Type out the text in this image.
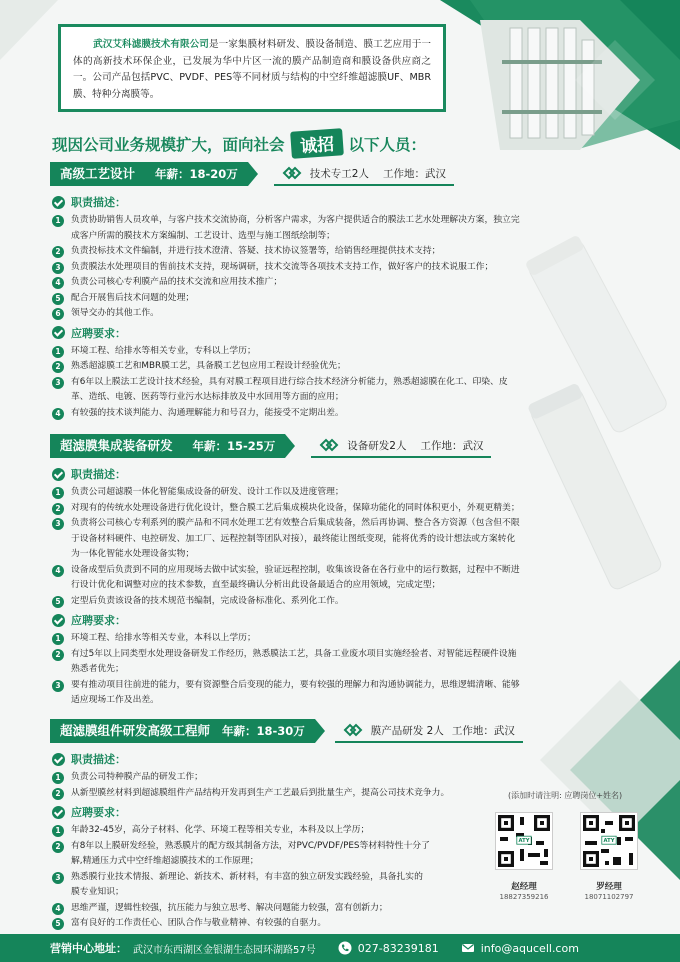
武汉艾科滤膜技术有限公司是一家集膜材料研发、膜设备制造、膜工艺应用于一体的高新技术环保企业，已发展为华中片区一流的膜产品制造商和膜设备供应商之一。公司产品包括PVC、PVDF、PES等不同材质与结构的中空纤维超滤膜UF、MBR膜、特种分离膜等。
现因公司业务规模扩大，面向社会 诚招 以下人员：
高级工艺设计 年薪：18-20万	技术专工2人 工作地：武汉
职责描述：
1	负责协助销售人员攻单，与客户技术交流协商，分析客户需求，为客户提供适合的膜法工艺水处理解决方案，独立完成客户所需的膜技术方案编制、工艺设计、选型与施工图纸绘制等；
2	负责投标技术文件编制，并进行技术澄清、答疑、技术协议签署等，给销售经理提供技术支持；
3	负责膜法水处理项目的售前技术支持，现场调研，技术交流等各项技术支持工作，做好客户的技术说服工作；
4	负责公司核心专利膜产品的技术交流和应用技术推广；
5	配合开展售后技术问题的处理；
6	领导交办的其他工作。
应聘要求：
1	环境工程、给排水等相关专业，专科以上学历；
2	熟悉超滤膜工艺和MBR膜工艺，具备膜工艺包应用工程设计经验优先；
3	有6年以上膜法工艺设计技术经验，具有对膜工程项目进行综合技术经济分析能力，熟悉超滤膜在化工、印染、皮革、造纸、电镀、医药等行业污水达标排放及中水回用等方面的应用；
4	有较强的技术谈判能力、沟通理解能力和号召力，能接受不定期出差。
超滤膜集成装备研发 年薪：15-25万	设备研发2人 工作地：武汉
职责描述：
1	负责公司超滤膜一体化智能集成设备的研发、设计工作以及进度管理；
2	对现有的传统水处理设备进行优化设计，整合膜工艺后集成模块化设备，保障功能化的同时体积更小，外观更精美；
3	负责将公司核心专利系列的膜产品和不同水处理工艺有效整合后集成装备，然后再协调、整合各方资源（包含但不限于设备材料硬件、电控研发、加工厂、远程控制等团队对接），最终能让图纸变现，能将优秀的设计想法或方案转化为一体化智能水处理设备实物；
4	设备成型后负责到不同的应用现场去做中试实验，验证远程控制，收集该设备在各行业中的运行数据，过程中不断进行设计优化和调整对应的技术参数，直至最终确认分析出此设备最适合的应用领域，完成定型；
5	定型后负责该设备的技术规范书编制，完成设备标准化、系列化工作。
应聘要求：
1	环境工程、给排水等相关专业，本科以上学历；
2	有过5年以上同类型水处理设备研发工作经历，熟悉膜法工艺，具备工业废水项目实施经验者、对智能远程硬件设施熟悉者优先；
3	要有推动项目往前进的能力，要有资源整合后变现的能力，要有较强的理解力和沟通协调能力，思维逻辑清晰、能够适应现场工作及出差。
超滤膜组件研发高级工程师 年薪：18-30万	膜产品研发 2人 工作地：武汉
职责描述：
1	负责公司特种膜产品的研发工作；
2	从新型膜丝材料到超滤膜组件产品结构开发再到生产工艺最后到批量生产，提高公司技术竞争力。
应聘要求：
1	年龄32-45岁，高分子材料、化学、环境工程等相关专业，本科及以上学历；
2	有8年以上膜研发经验，熟悉膜片的配方级其制备方法，对PVC/PVDF/PES等材料特性十分了解,精通压力式中空纤维超滤膜技术的工作原理；
3	熟悉膜行业技术情报、新理论、新技术、新材料，有丰富的独立研发实践经验，具备扎实的膜专业知识；
4	思维严谨，逻辑性较强，抗压能力与独立思考、解决问题能力较强，富有创新力；
5	富有良好的工作责任心、团队合作与敬业精神、有较强的自驱力。
(添加时请注明: 应聘岗位+姓名)
ATY
赵经理
18827359216
ATY
罗经理
18071102797
营销中心地址： 武汉市东西湖区金银湖生态园环湖路57号	027-83239181	info@aqucell.com
